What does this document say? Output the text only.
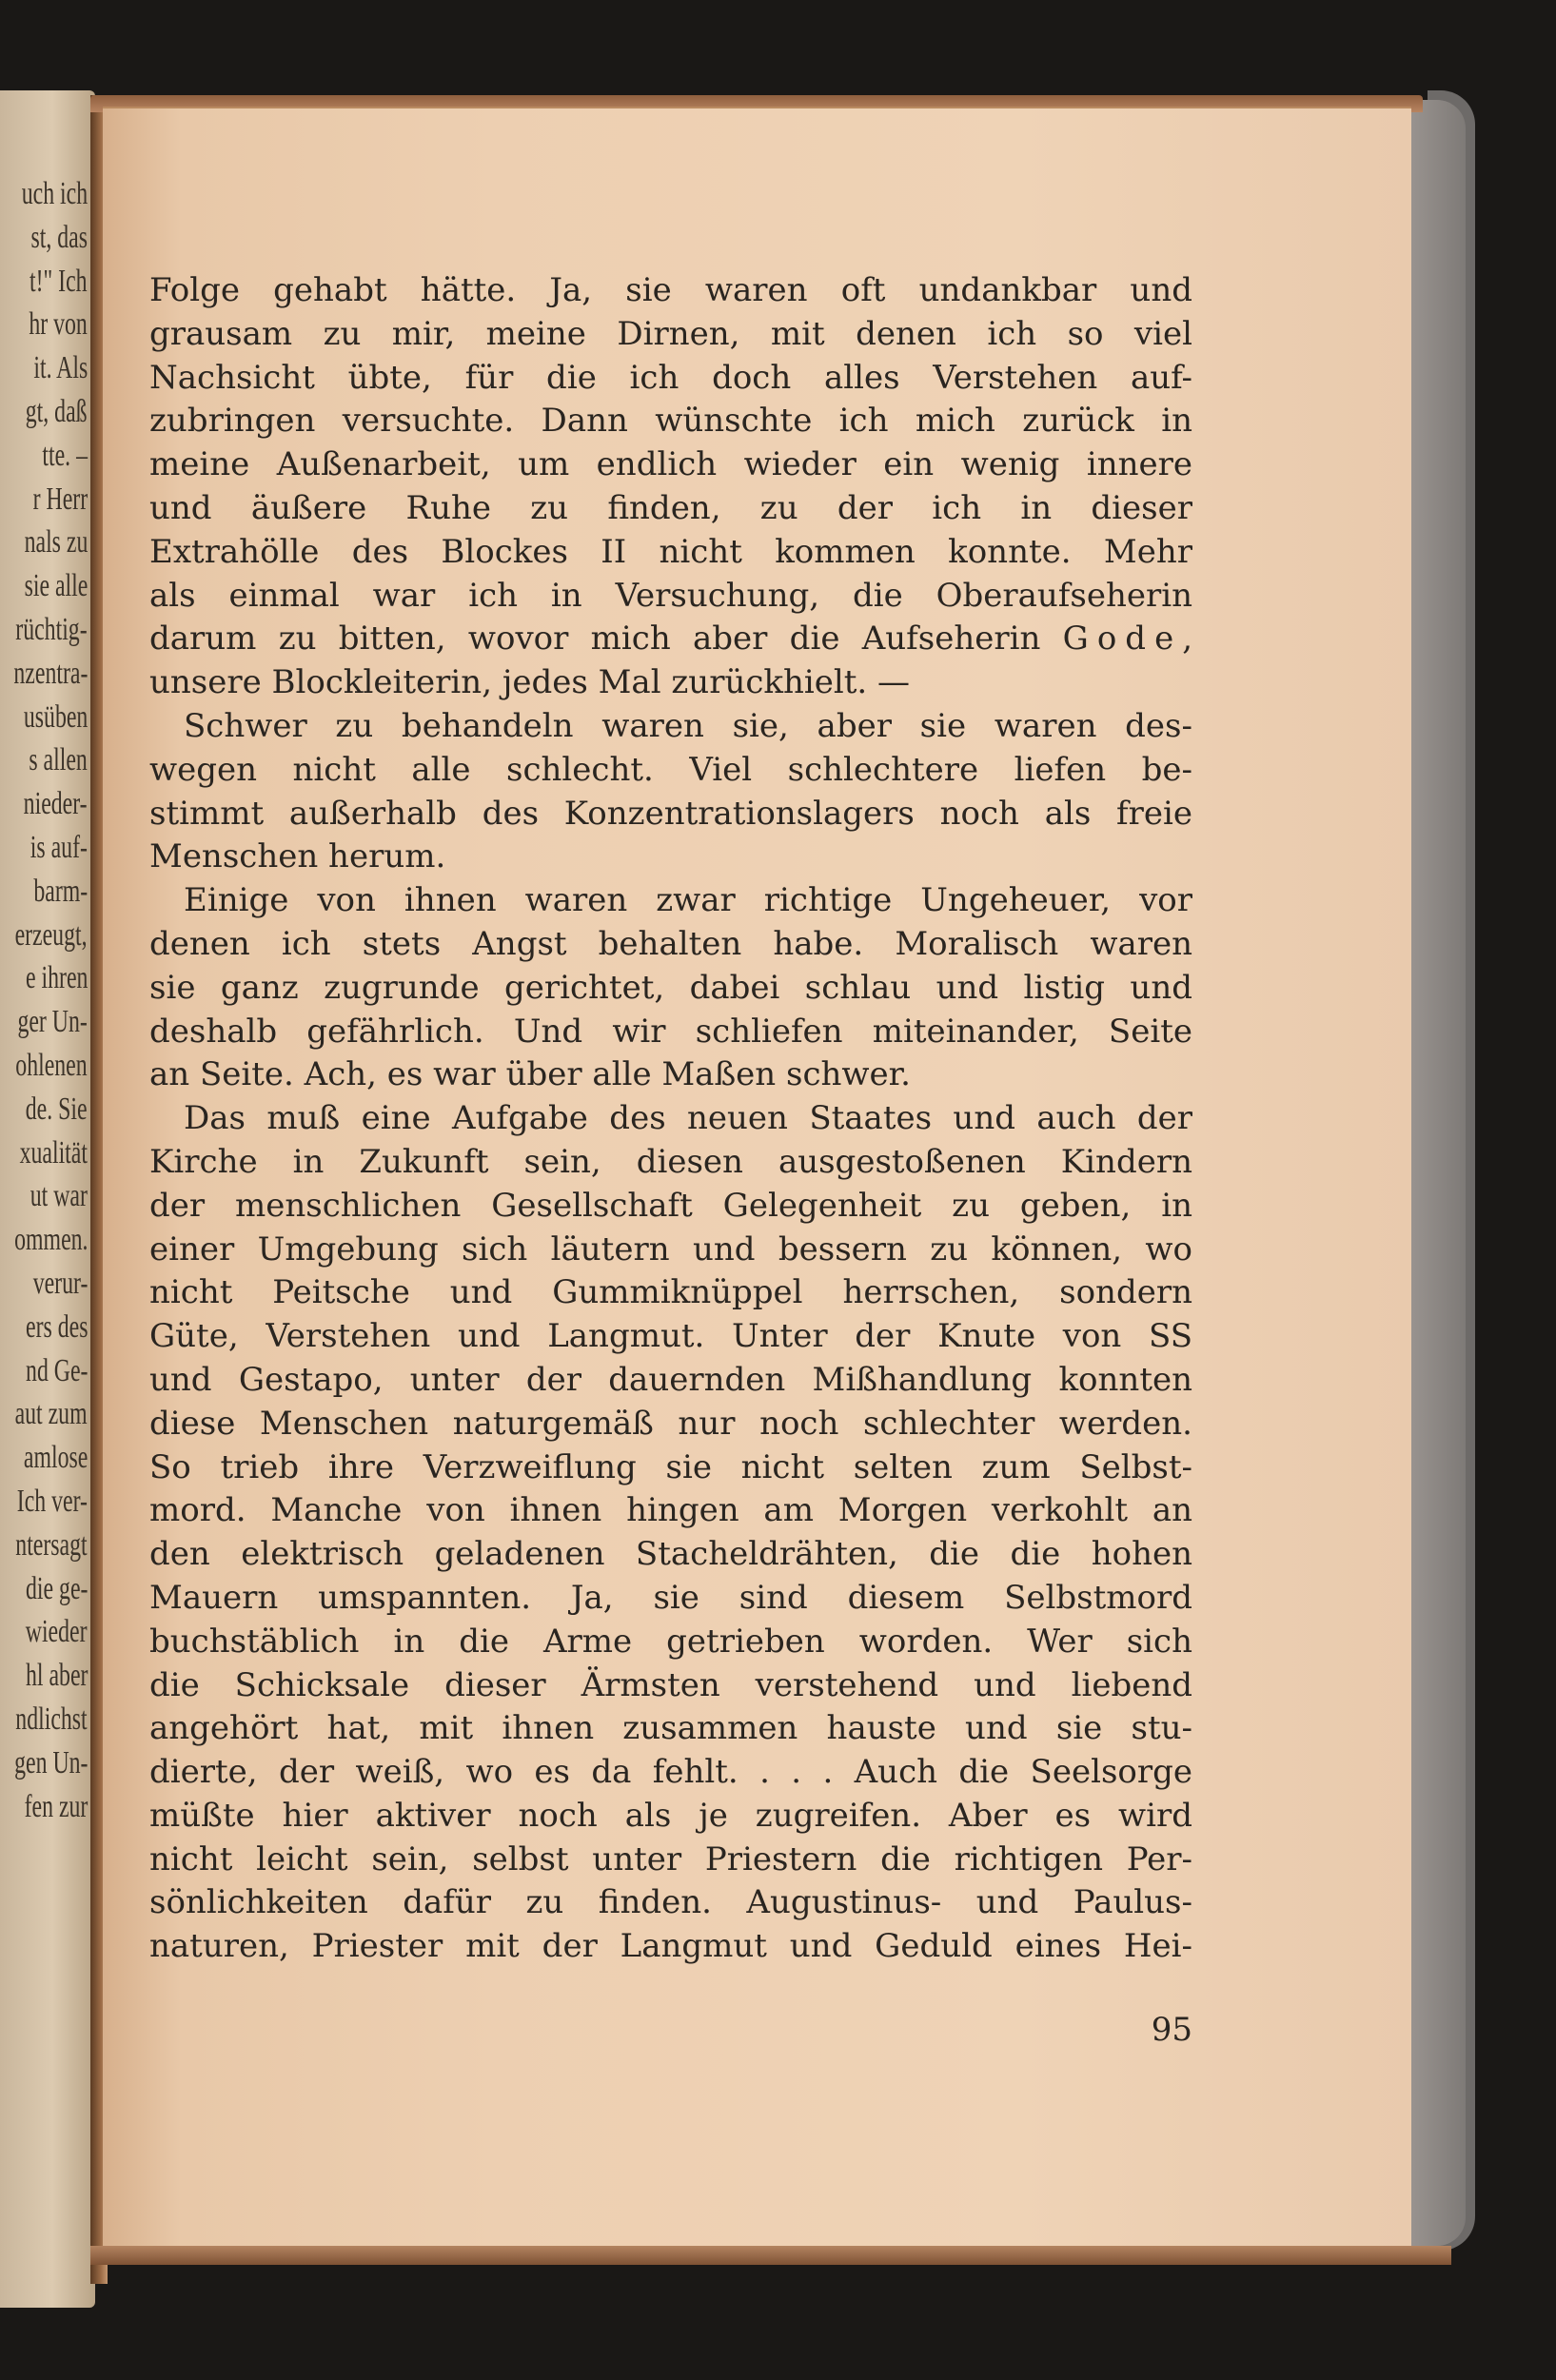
uch ich
st, das
t!" Ich
hr von
it. Als
gt, daß
tte. –
r Herr
nals zu
sie alle
rüchtig-
nzentra-
usüben
s allen
nieder-
is auf-
barm-
erzeugt,
e ihren
ger Un-
ohlenen
de. Sie
xualität
ut war
ommen.
verur-
ers des
nd Ge-
aut zum
amlose
Ich ver-
ntersagt
die ge-
wieder
hl aber
ndlichst
gen Un-
fen zur
Folge gehabt hätte. Ja, sie waren oft undankbar und
grausam zu mir, meine Dirnen, mit denen ich so viel
Nachsicht übte, für die ich doch alles Verstehen auf-
zubringen versuchte. Dann wünschte ich mich zurück in
meine Außenarbeit, um endlich wieder ein wenig innere
und äußere Ruhe zu finden, zu der ich in dieser
Extrahölle des Blockes II nicht kommen konnte. Mehr
als einmal war ich in Versuchung, die Oberaufseherin
darum zu bitten, wovor mich aber die Aufseherin Gode,
unsere Blockleiterin, jedes Mal zurückhielt. —
Schwer zu behandeln waren sie, aber sie waren des-
wegen nicht alle schlecht. Viel schlechtere liefen be-
stimmt außerhalb des Konzentrationslagers noch als freie
Menschen herum.
Einige von ihnen waren zwar richtige Ungeheuer, vor
denen ich stets Angst behalten habe. Moralisch waren
sie ganz zugrunde gerichtet, dabei schlau und listig und
deshalb gefährlich. Und wir schliefen miteinander, Seite
an Seite. Ach, es war über alle Maßen schwer.
Das muß eine Aufgabe des neuen Staates und auch der
Kirche in Zukunft sein, diesen ausgestoßenen Kindern
der menschlichen Gesellschaft Gelegenheit zu geben, in
einer Umgebung sich läutern und bessern zu können, wo
nicht Peitsche und Gummiknüppel herrschen, sondern
Güte, Verstehen und Langmut. Unter der Knute von SS
und Gestapo, unter der dauernden Mißhandlung konnten
diese Menschen naturgemäß nur noch schlechter werden.
So trieb ihre Verzweiflung sie nicht selten zum Selbst-
mord. Manche von ihnen hingen am Morgen verkohlt an
den elektrisch geladenen Stacheldrähten, die die hohen
Mauern umspannten. Ja, sie sind diesem Selbstmord
buchstäblich in die Arme getrieben worden. Wer sich
die Schicksale dieser Ärmsten verstehend und liebend
angehört hat, mit ihnen zusammen hauste und sie stu-
dierte, der weiß, wo es da fehlt. . . . Auch die Seelsorge
müßte hier aktiver noch als je zugreifen. Aber es wird
nicht leicht sein, selbst unter Priestern die richtigen Per-
sönlichkeiten dafür zu finden. Augustinus- und Paulus-
naturen, Priester mit der Langmut und Geduld eines Hei-
95
